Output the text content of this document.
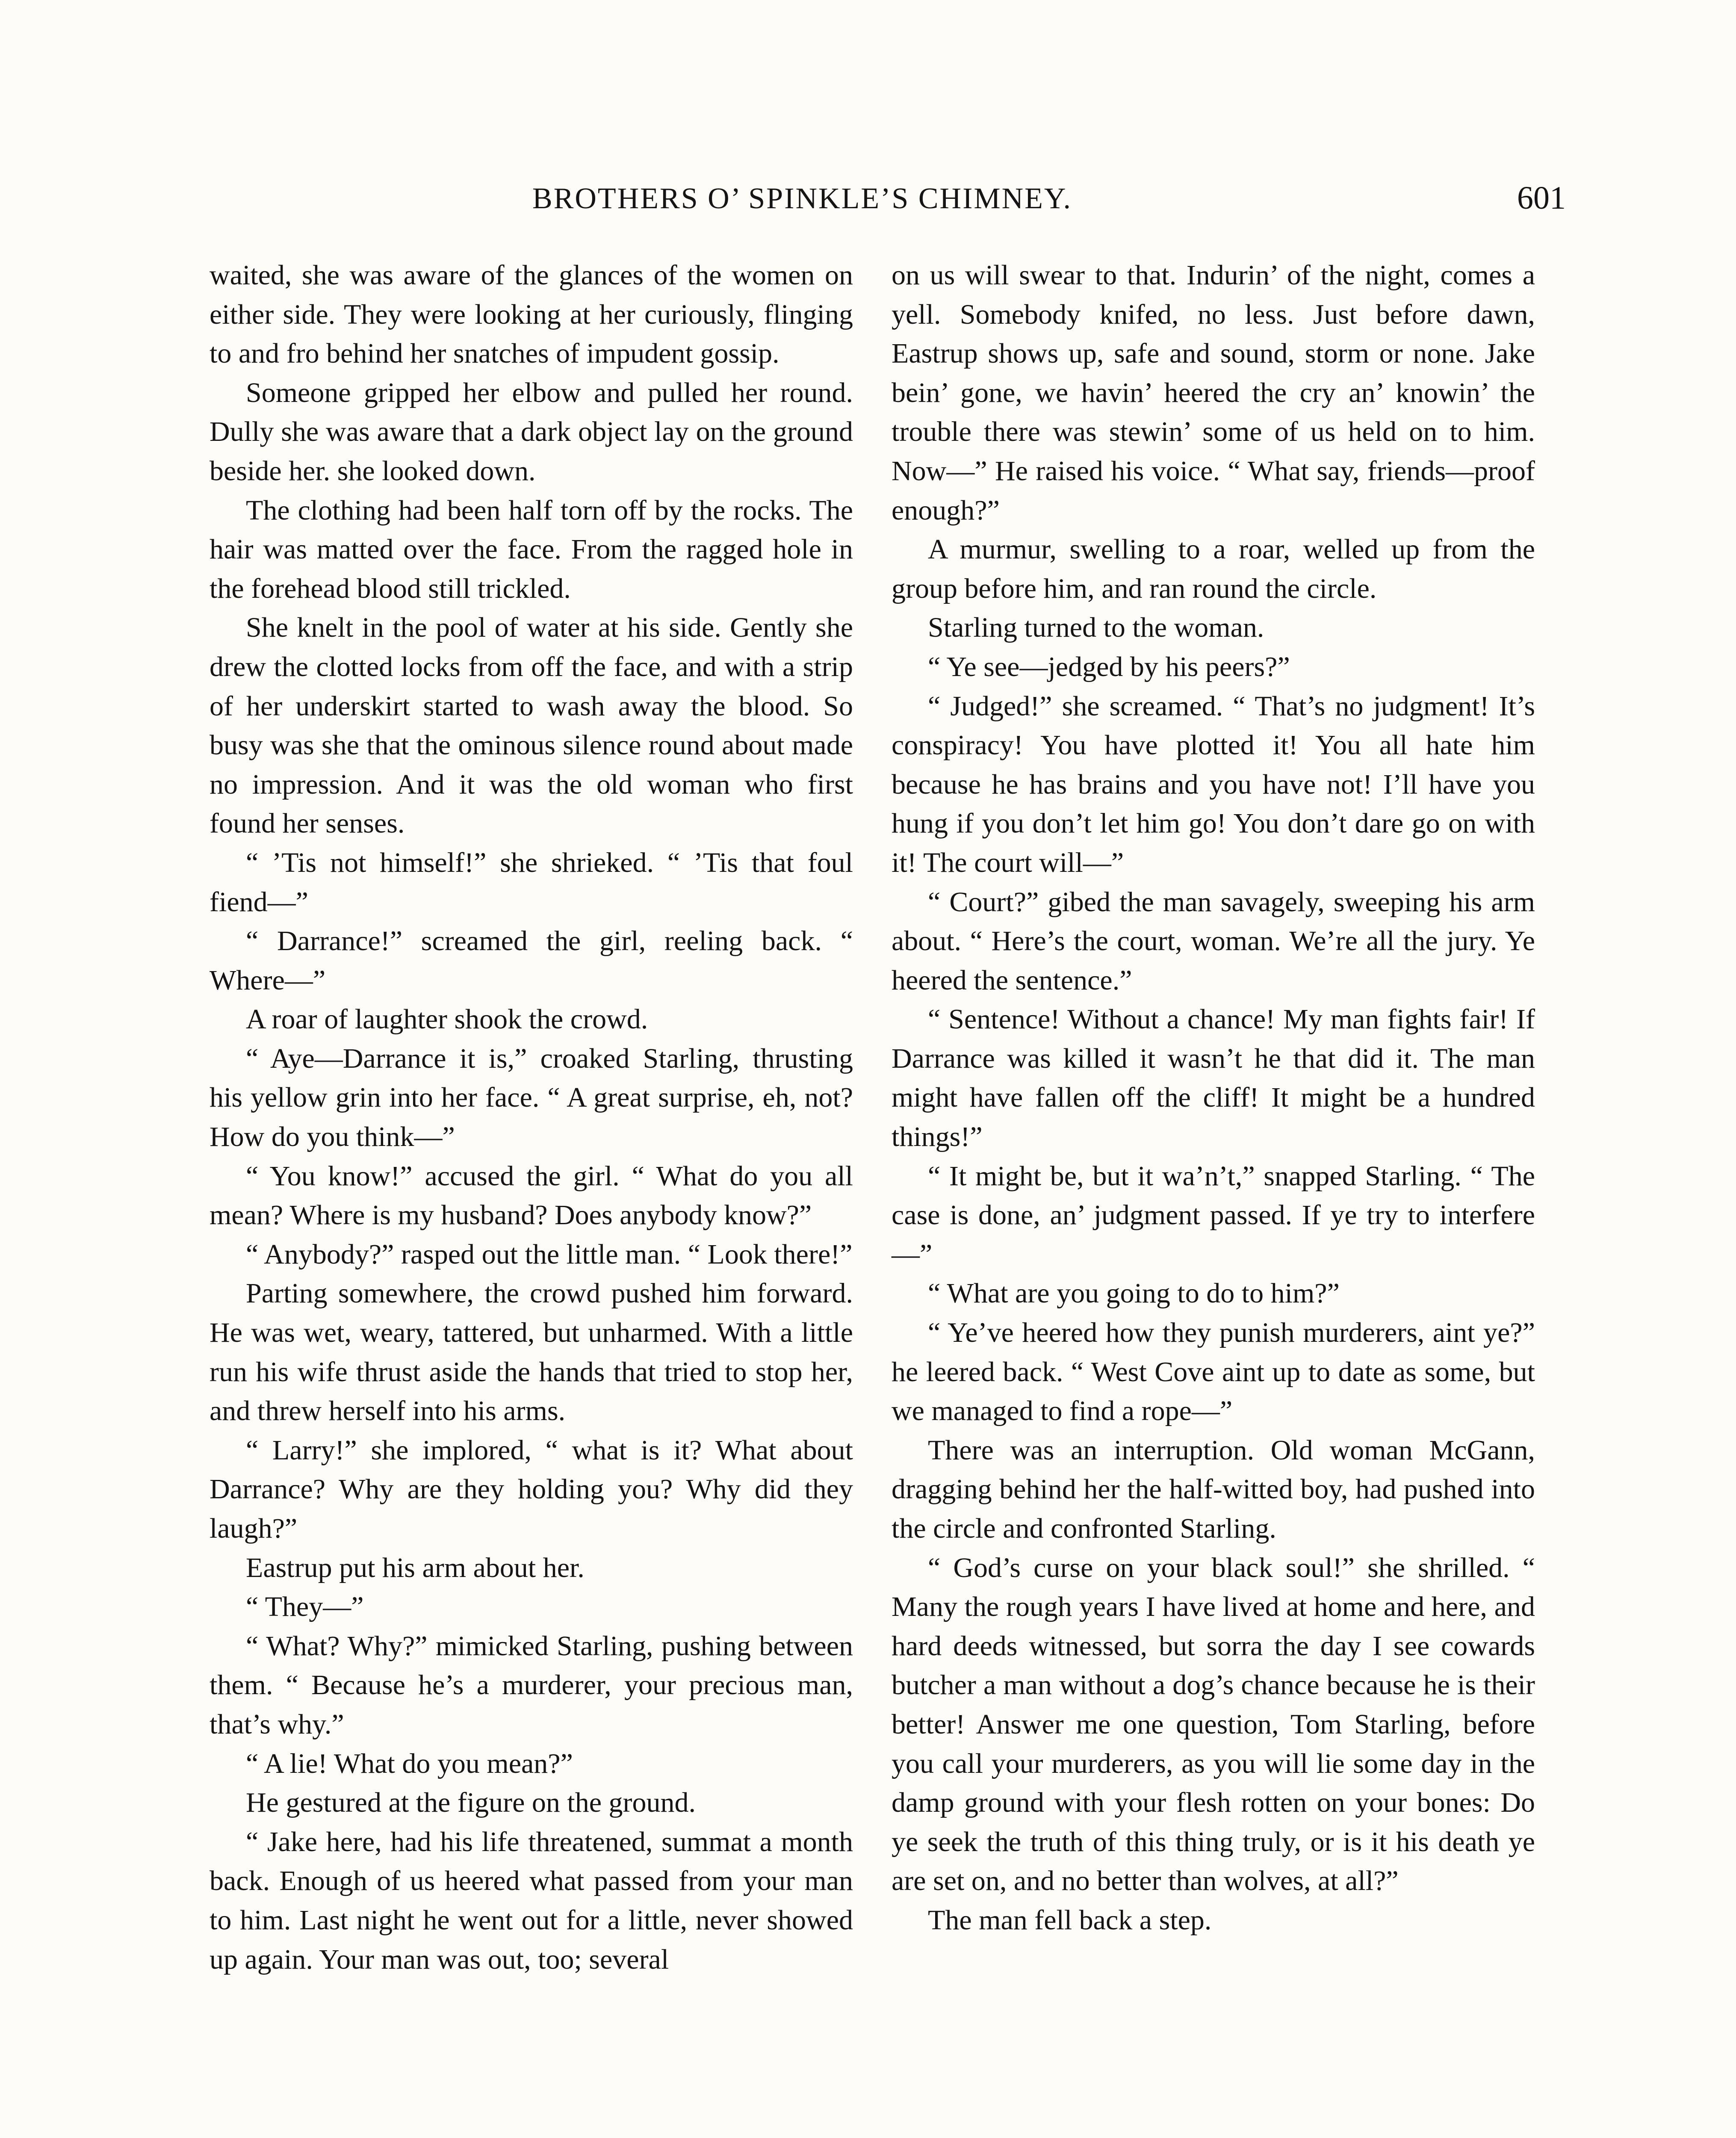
BROTHERS O’ SPINKLE’S CHIMNEY.	601

waited, she was aware of the glances of the women on either side. They were looking at her curiously, flinging to and fro behind her snatches of impudent gossip.

Someone gripped her elbow and pulled her round. Dully she was aware that a dark object lay on the ground beside her. she looked down.

The clothing had been half torn off by the rocks. The hair was matted over the face. From the ragged hole in the forehead blood still trickled.

She knelt in the pool of water at his side. Gently she drew the clotted locks from off the face, and with a strip of her underskirt started to wash away the blood. So busy was she that the ominous silence round about made no impression. And it was the old woman who first found her senses.

“ ’Tis not himself!” she shrieked. “ ’Tis that foul fiend—”

“ Darrance!” screamed the girl, reeling back. “ Where—”

A roar of laughter shook the crowd.

“ Aye—Darrance it is,” croaked Starling, thrusting his yellow grin into her face. “ A great surprise, eh, not? How do you think—”

“ You know!” accused the girl. “ What do you all mean? Where is my husband? Does anybody know?”

“ Anybody?” rasped out the little man. “ Look there!”

Parting somewhere, the crowd pushed him forward. He was wet, weary, tattered, but unharmed. With a little run his wife thrust aside the hands that tried to stop her, and threw herself into his arms.

“ Larry!” she implored, “ what is it? What about Darrance? Why are they holding you? Why did they laugh?”

Eastrup put his arm about her.

“ They—”

“ What? Why?” mimicked Starling, pushing between them. “ Because he’s a murderer, your precious man, that’s why.”

“ A lie! What do you mean?”

He gestured at the figure on the ground.

“ Jake here, had his life threatened, summat a month back. Enough of us heered what passed from your man to him. Last night he went out for a little, never showed up again. Your man was out, too; several

on us will swear to that. Indurin’ of the night, comes a yell. Somebody knifed, no less. Just before dawn, Eastrup shows up, safe and sound, storm or none. Jake bein’ gone, we havin’ heered the cry an’ knowin’ the trouble there was stewin’ some of us held on to him. Now—” He raised his voice. “ What say, friends—proof enough?”

A murmur, swelling to a roar, welled up from the group before him, and ran round the circle.

Starling turned to the woman.

“ Ye see—jedged by his peers?”

“ Judged!” she screamed. “ That’s no judgment! It’s conspiracy! You have plotted it! You all hate him because he has brains and you have not! I’ll have you hung if you don’t let him go! You don’t dare go on with it! The court will—”

“ Court?” gibed the man savagely, sweeping his arm about. “ Here’s the court, woman. We’re all the jury. Ye heered the sentence.”

“ Sentence! Without a chance! My man fights fair! If Darrance was killed it wasn’t he that did it. The man might have fallen off the cliff! It might be a hundred things!”

“ It might be, but it wa’n’t,” snapped Starling. “ The case is done, an’ judgment passed. If ye try to interfere—”

“ What are you going to do to him?”

“ Ye’ve heered how they punish murderers, aint ye?” he leered back. “ West Cove aint up to date as some, but we managed to find a rope—”

There was an interruption. Old woman McGann, dragging behind her the half-witted boy, had pushed into the circle and confronted Starling.

“ God’s curse on your black soul!” she shrilled. “ Many the rough years I have lived at home and here, and hard deeds witnessed, but sorra the day I see cowards butcher a man without a dog’s chance because he is their better! Answer me one question, Tom Starling, before you call your murderers, as you will lie some day in the damp ground with your flesh rotten on your bones: Do ye seek the truth of this thing truly, or is it his death ye are set on, and no better than wolves, at all?”

The man fell back a step.
